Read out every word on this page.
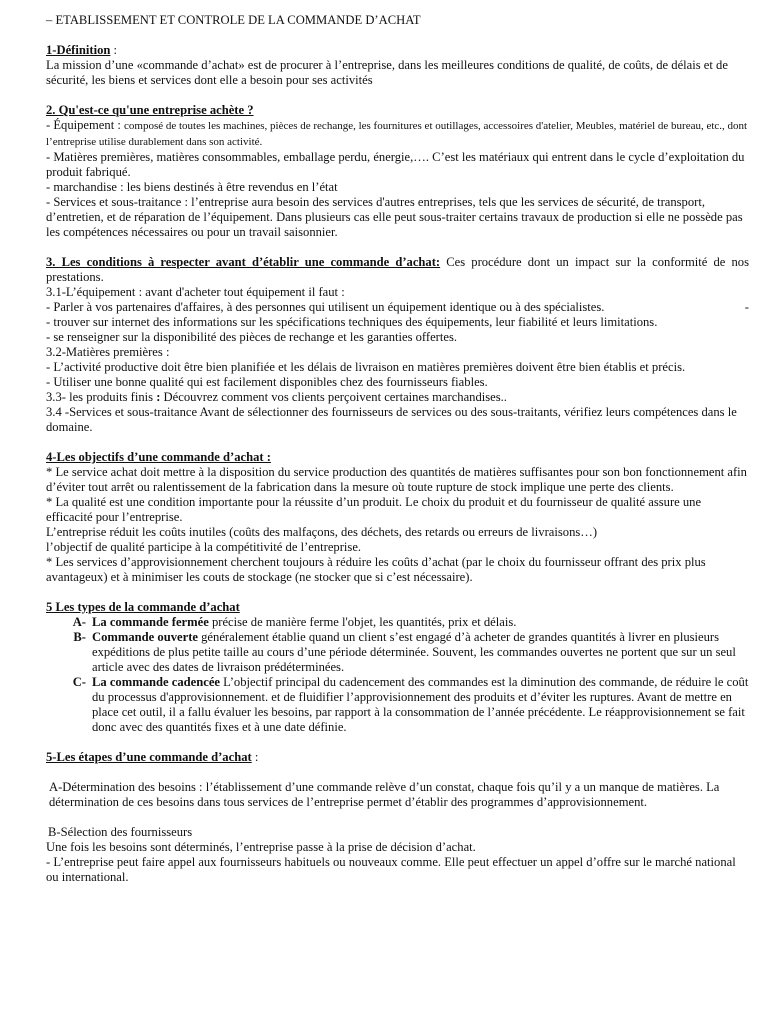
– ETABLISSEMENT ET CONTROLE DE LA COMMANDE D’ACHAT

1-Définition :

La mission d’une «commande d’achat» est de procurer à l’entreprise, dans les meilleures conditions de qualité, de coûts, de délais et de sécurité, les biens et services dont elle a besoin pour ses activités

2. Qu'est-ce qu'une entreprise achète ?

- Équipement : composé de toutes les machines, pièces de rechange, les fournitures et outillages, accessoires d'atelier, Meubles, matériel de bureau, etc., dont l’entreprise utilise durablement dans son activité.

- Matières premières, matières consommables, emballage perdu, énergie,…. C’est les matériaux qui entrent dans le cycle d’exploitation du produit fabriqué.

- marchandise : les biens destinés à être revendus en l’état

- Services et sous-traitance : l’entreprise aura besoin des services d'autres entreprises, tels que les services de sécurité, de transport, d’entretien, et de réparation de l’équipement. Dans plusieurs cas elle peut sous-traiter certains travaux de production si elle ne possède pas les compétences nécessaires ou pour un travail saisonnier.

3. Les conditions à respecter avant d’établir une commande d’achat: Ces procédure dont un impact sur la conformité de nos prestations.

3.1-L’équipement : avant d'acheter tout équipement il faut :

- Parler à vos partenaires d'affaires, à des personnes qui utilisent un équipement identique ou à des spécialistes.	-

- trouver sur internet des informations sur les spécifications techniques des équipements, leur fiabilité et leurs limitations.

- se renseigner sur la disponibilité des pièces de rechange et les garanties offertes.

3.2-Matières premières :

- L’activité productive doit être bien planifiée et les délais de livraison en matières premières doivent être bien établis et précis.

- Utiliser une bonne qualité qui est facilement disponibles chez des fournisseurs fiables.

3.3- les produits finis : Découvrez comment vos clients perçoivent certaines marchandises..

3.4 -Services et sous-traitance Avant de sélectionner des fournisseurs de services ou des sous-traitants, vérifiez leurs compétences dans le domaine.

4-Les objectifs d’une commande d’achat :

* Le service achat doit mettre à la disposition du service production des quantités de matières suffisantes pour son bon fonctionnement afin d’éviter tout arrêt ou ralentissement de la fabrication dans la mesure où toute rupture de stock implique une perte des clients.

* La qualité est une condition importante pour la réussite d’un produit. Le choix du produit et du fournisseur de qualité assure une efficacité pour l’entreprise.

L’entreprise réduit les coûts inutiles (coûts des malfaçons, des déchets, des retards ou erreurs de livraisons…)

l’objectif de qualité participe à la compétitivité de l’entreprise.

* Les services d’approvisionnement cherchent toujours à réduire les coûts d’achat (par le choix du fournisseur offrant des prix plus avantageux) et à minimiser les couts de stockage (ne stocker que si c’est nécessaire).

5 Les types de la commande d’achat

A- La commande fermée précise de manière ferme l'objet, les quantités, prix et délais.
B- Commande ouverte généralement établie quand un client s’est engagé d’à acheter de grandes quantités à livrer en plusieurs expéditions de plus petite taille au cours d’une période déterminée. Souvent, les commandes ouvertes ne portent que sur un seul article avec des dates de livraison prédéterminées.
C- La commande cadencée L’objectif principal du cadencement des commandes est la diminution des commande, de réduire le coût du processus d'approvisionnement. et de fluidifier l’approvisionnement des produits et d’éviter les ruptures. Avant de mettre en place cet outil, il a fallu évaluer les besoins, par rapport à la consommation de l’année précédente. Le réapprovisionnement se fait donc avec des quantités fixes et à une date définie.

5-Les étapes d’une commande d’achat :

A-Détermination des besoins : l’établissement d’une commande relève d’un constat, chaque fois qu’il y a un manque de matières. La détermination de ces besoins dans tous services de l’entreprise permet d’établir des programmes d’approvisionnement.

B-Sélection des fournisseurs

Une fois les besoins sont déterminés, l’entreprise passe à la prise de décision d’achat.

- L’entreprise peut faire appel aux fournisseurs habituels ou nouveaux comme. Elle peut effectuer un appel d’offre sur le marché national ou international.
